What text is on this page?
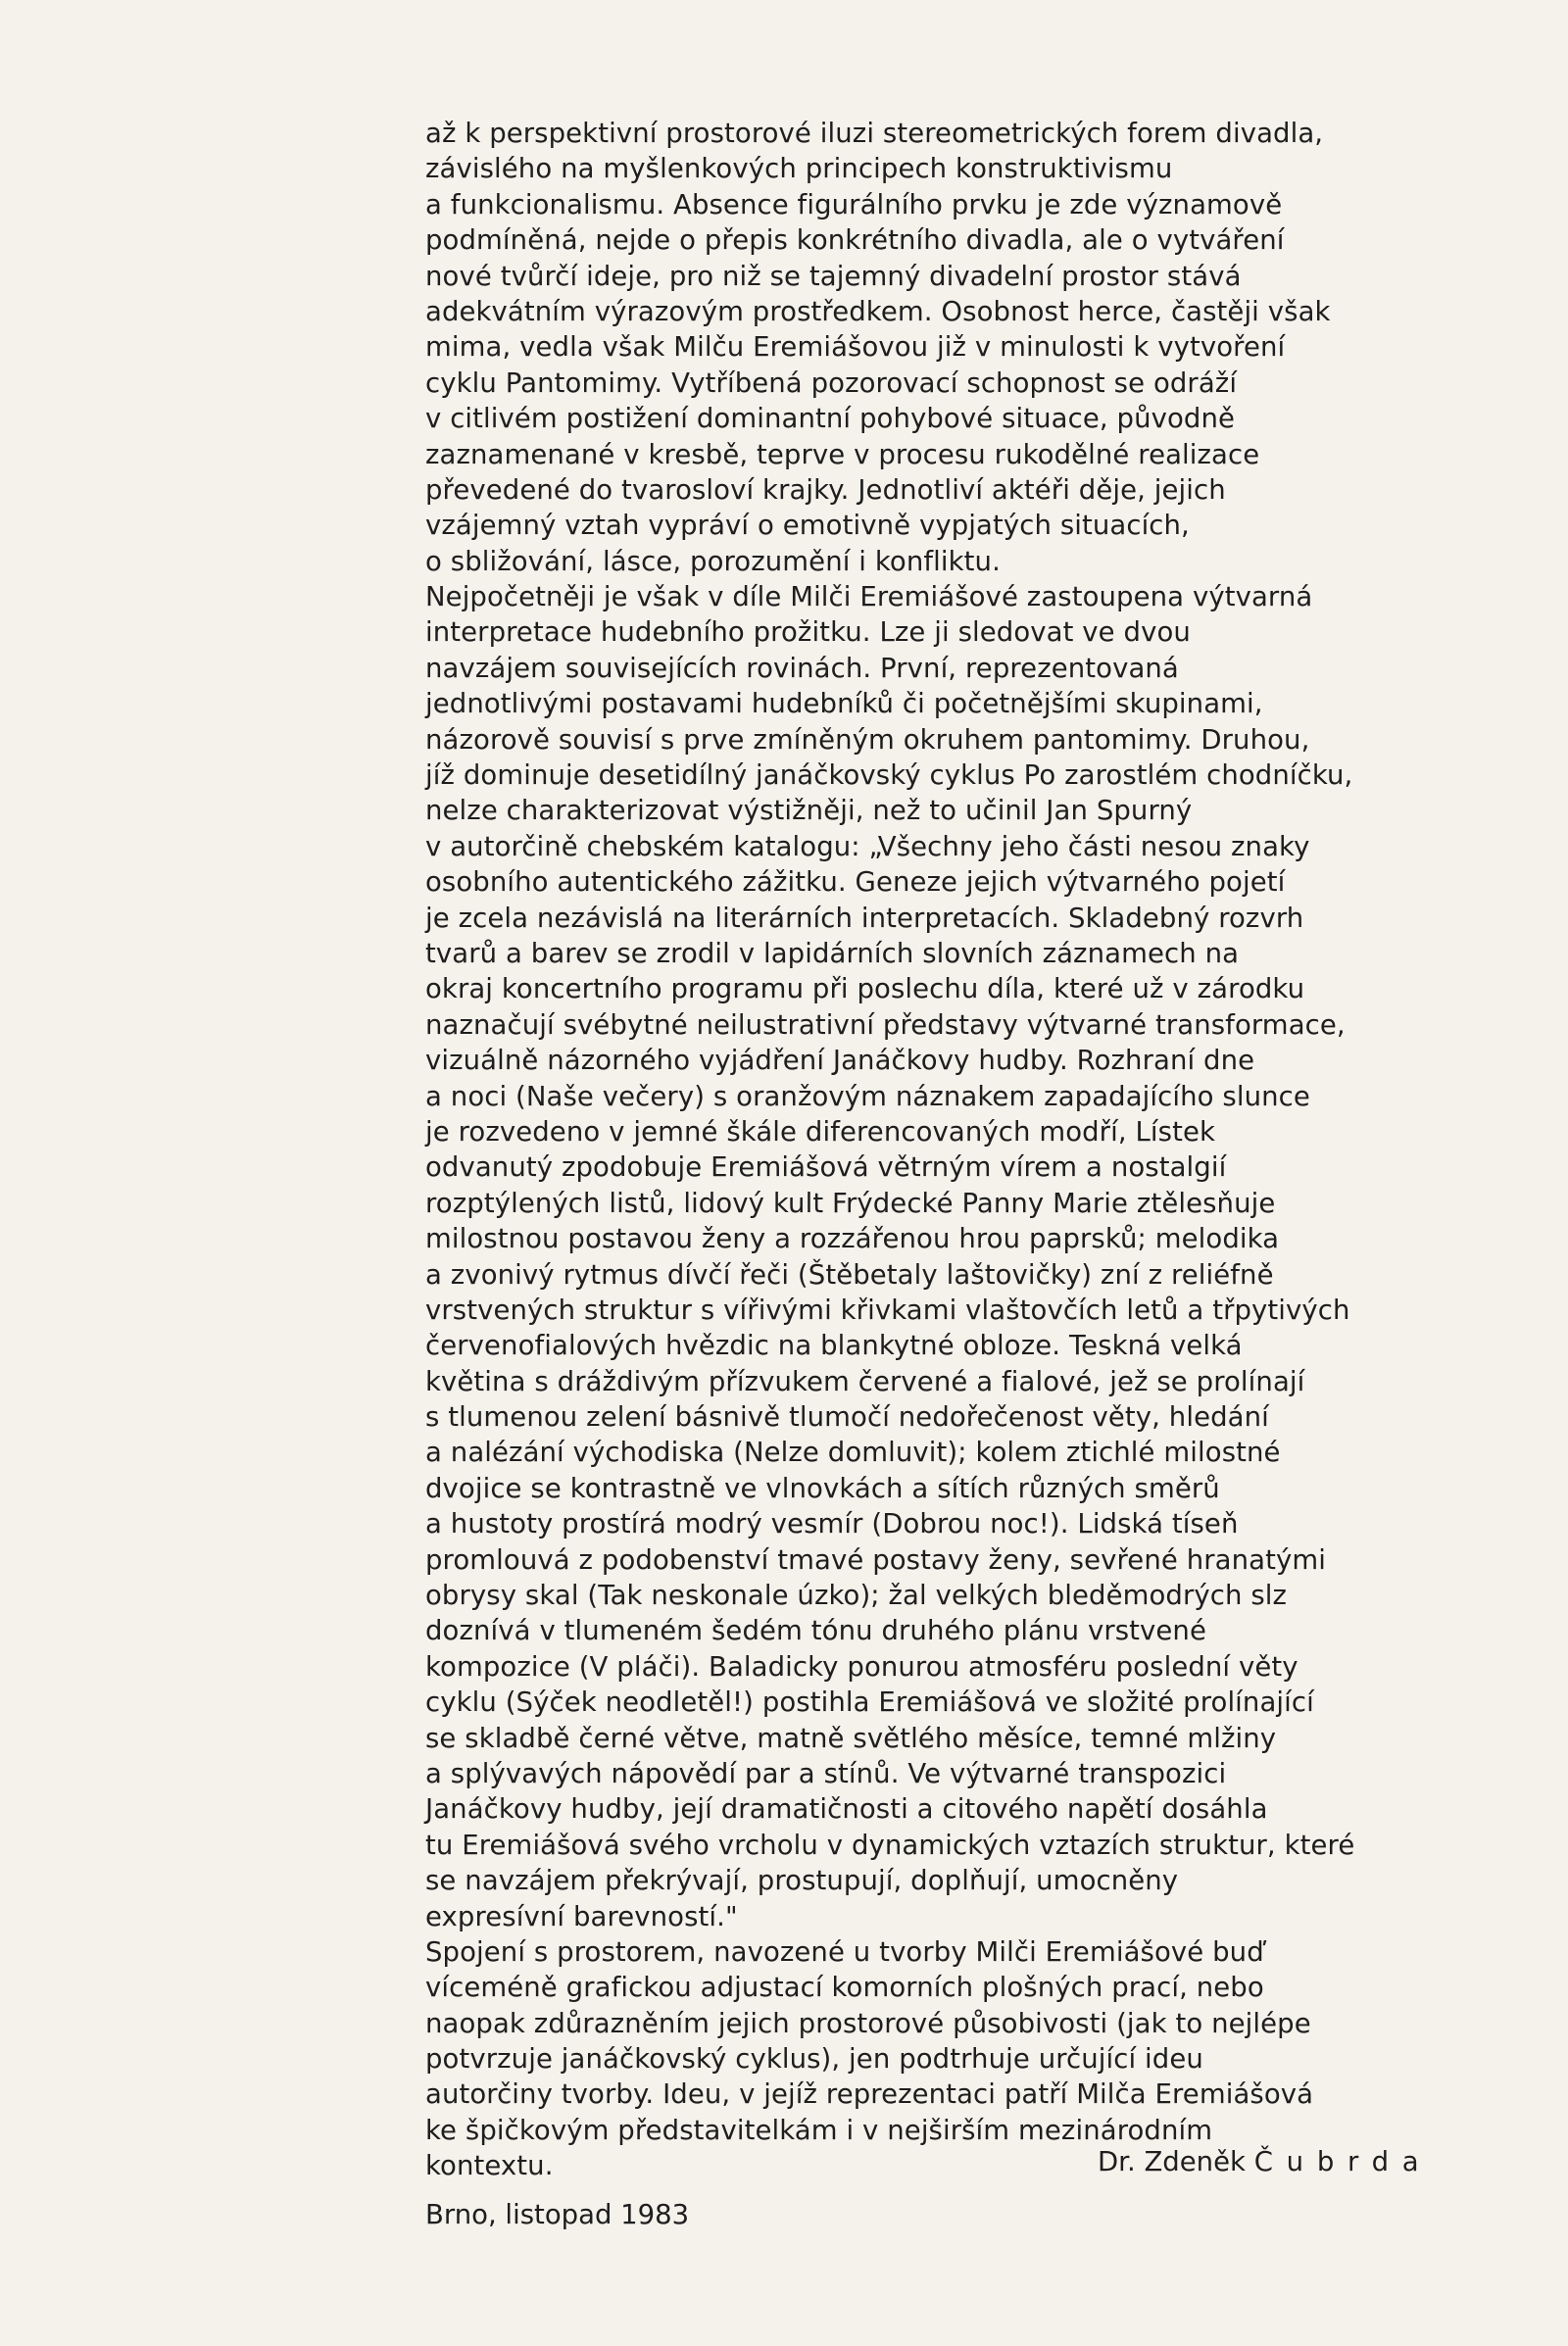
až k perspektivní prostorové iluzi stereometrických forem divadla,
závislého na myšlenkových principech konstruktivismu
a funkcionalismu. Absence figurálního prvku je zde významově
podmíněná, nejde o přepis konkrétního divadla, ale o vytváření
nové tvůrčí ideje, pro niž se tajemný divadelní prostor stává
adekvátním výrazovým prostředkem. Osobnost herce, častěji však
mima, vedla však Milču Eremiášovou již v minulosti k vytvoření
cyklu Pantomimy. Vytříbená pozorovací schopnost se odráží
v citlivém postižení dominantní pohybové situace, původně
zaznamenané v kresbě, teprve v procesu rukodělné realizace
převedené do tvarosloví krajky. Jednotliví aktéři děje, jejich
vzájemný vztah vypráví o emotivně vypjatých situacích,
o sbližování, lásce, porozumění i konfliktu.
Nejpočetněji je však v díle Milči Eremiášové zastoupena výtvarná
interpretace hudebního prožitku. Lze ji sledovat ve dvou
navzájem souvisejících rovinách. První, reprezentovaná
jednotlivými postavami hudebníků či početnějšími skupinami,
názorově souvisí s prve zmíněným okruhem pantomimy. Druhou,
jíž dominuje desetidílný janáčkovský cyklus Po zarostlém chodníčku,
nelze charakterizovat výstižněji, než to učinil Jan Spurný
v autorčině chebském katalogu: „Všechny jeho části nesou znaky
osobního autentického zážitku. Geneze jejich výtvarného pojetí
je zcela nezávislá na literárních interpretacích. Skladebný rozvrh
tvarů a barev se zrodil v lapidárních slovních záznamech na
okraj koncertního programu při poslechu díla, které už v zárodku
naznačují svébytné neilustrativní představy výtvarné transformace,
vizuálně názorného vyjádření Janáčkovy hudby. Rozhraní dne
a noci (Naše večery) s oranžovým náznakem zapadajícího slunce
je rozvedeno v jemné škále diferencovaných modří, Lístek
odvanutý zpodobuje Eremiášová větrným vírem a nostalgií
rozptýlených listů, lidový kult Frýdecké Panny Marie ztělesňuje
milostnou postavou ženy a rozzářenou hrou paprsků; melodika
a zvonivý rytmus dívčí řeči (Štěbetaly laštovičky) zní z reliéfně
vrstvených struktur s vířivými křivkami vlaštovčích letů a třpytivých
červenofialových hvězdic na blankytné obloze. Teskná velká
květina s dráždivým přízvukem červené a fialové, jež se prolínají
s tlumenou zelení básnivě tlumočí nedořečenost věty, hledání
a nalézání východiska (Nelze domluvit); kolem ztichlé milostné
dvojice se kontrastně ve vlnovkách a sítích různých směrů
a hustoty prostírá modrý vesmír (Dobrou noc!). Lidská tíseň
promlouvá z podobenství tmavé postavy ženy, sevřené hranatými
obrysy skal (Tak neskonale úzko); žal velkých bleděmodrých slz
doznívá v tlumeném šedém tónu druhého plánu vrstvené
kompozice (V pláči). Baladicky ponurou atmosféru poslední věty
cyklu (Sýček neodletěl!) postihla Eremiášová ve složité prolínající
se skladbě černé větve, matně světlého měsíce, temné mlžiny
a splývavých nápovědí par a stínů. Ve výtvarné transpozici
Janáčkovy hudby, její dramatičnosti a citového napětí dosáhla
tu Eremiášová svého vrcholu v dynamických vztazích struktur, které
se navzájem překrývají, prostupují, doplňují, umocněny
expresívní barevností."
Spojení s prostorem, navozené u tvorby Milči Eremiášové buď
víceméně grafickou adjustací komorních plošných prací, nebo
naopak zdůrazněním jejich prostorové působivosti (jak to nejlépe
potvrzuje janáčkovský cyklus), jen podtrhuje určující ideu
autorčiny tvorby. Ideu, v jejíž reprezentaci patří Milča Eremiášová
ke špičkovým představitelkám i v nejširším mezinárodním
kontextu.	Dr. Zdeněk Čubrda
Brno, listopad 1983
